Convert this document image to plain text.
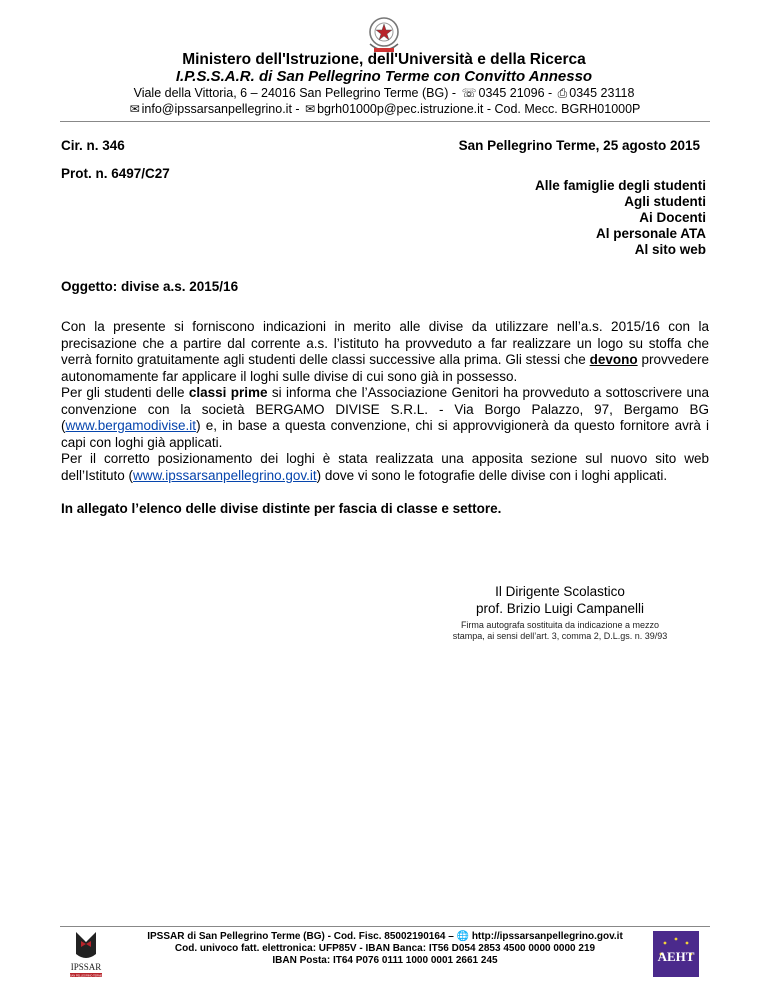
Ministero dell'Istruzione, dell'Università e della Ricerca
I.P.S.S.A.R. di San Pellegrino Terme con Convitto Annesso
Viale della Vittoria, 6 – 24016 San Pellegrino Terme (BG) - ☏ 0345 21096 - ⎙ 0345 23118
✉ info@ipssarsanpellegrino.it - ✉ bgrh01000p@pec.istruzione.it - Cod. Mecc. BGRH01000P
Cir. n. 346	San Pellegrino Terme, 25 agosto 2015
Prot. n. 6497/C27
Alle famiglie degli studenti
Agli studenti
Ai Docenti
Al personale ATA
Al sito web
Oggetto: divise a.s. 2015/16
Con la presente si forniscono indicazioni in merito alle divise da utilizzare nell’a.s. 2015/16 con la precisazione che a partire dal corrente a.s. l’istituto ha provveduto a far realizzare un logo su stoffa che verrà fornito gratuitamente agli studenti delle classi successive alla prima. Gli stessi che devono provvedere autonomamente far applicare il loghi sulle divise di cui sono già in possesso.
Per gli studenti delle classi prime si informa che l’Associazione Genitori ha provveduto a sottoscrivere una convenzione con la società BERGAMO DIVISE S.R.L. - Via Borgo Palazzo, 97, Bergamo BG (www.bergamodivise.it) e, in base a questa convenzione, chi si approvvigionerà da questo fornitore avrà i capi con loghi già applicati.
Per il corretto posizionamento dei loghi è stata realizzata una apposita sezione sul nuovo sito web dell’Istituto (www.ipssarsanpellegrino.gov.it) dove vi sono le fotografie delle divise con i loghi applicati.
In allegato l’elenco delle divise distinte per fascia di classe e settore.
Il Dirigente Scolastico
prof. Brizio Luigi Campanelli
Firma autografa sostituita da indicazione a mezzo
stampa, ai sensi dell’art. 3, comma 2, D.L.gs. n. 39/93
IPSSAR
SAN PELLEGRINO TERME
IPSSAR di San Pellegrino Terme (BG) - Cod. Fisc. 85002190164 – 🌐 http://ipssarsanpellegrino.gov.it
Cod. univoco fatt. elettronica: UFP85V - IBAN Banca: IT56 D054 2853 4500 0000 0000 219
IBAN Posta: IT64 P076 0111 1000 0001 2661 245	AEHT
